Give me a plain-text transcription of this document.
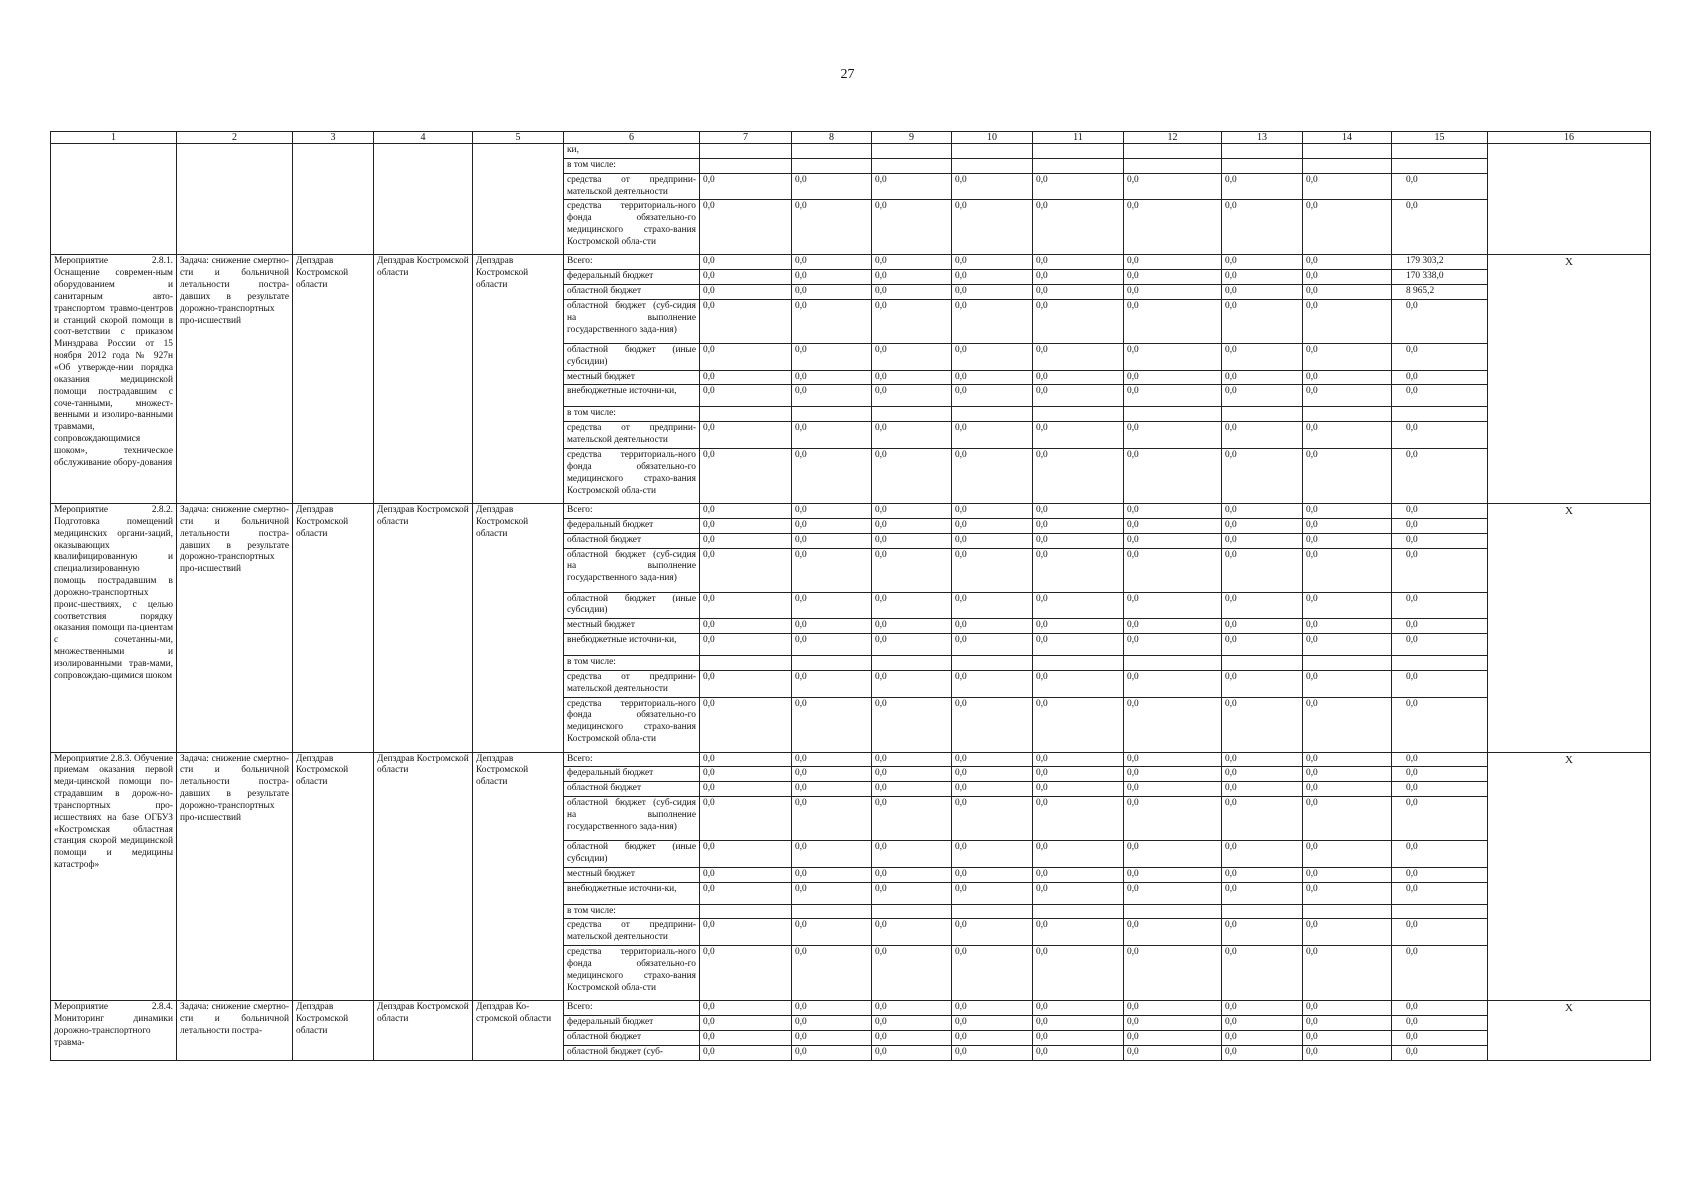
27
1	2	3	4	5	6	7	8	9	10	11	12	13	14	15	16
					ки,										
					в том числе:										
					средства от предприни-мательской деятельности	0,0	0,0	0,0	0,0	0,0	0,0	0,0	0,0	0,0	
					средства территориаль-ного фонда обязательно-го медицинского страхо-вания Костромской обла-сти	0,0	0,0	0,0	0,0	0,0	0,0	0,0	0,0	0,0	
Мероприятие 2.8.1. Оснащение современ-ным оборудованием и санитарным авто-транспортом травмо-центров и станций скорой помощи в соот-ветствии с приказом Минздрава России от 15 ноября 2012 года № 927н «Об утвержде-нии порядка оказания медицинской помощи пострадавшим с соче-танными, множест-венными и изолиро-ванными травмами, сопровождающимися шоком», техническое обслуживание обору-дования	Задача: снижение смертно-сти и больничной летальности постра-давших в результате дорожно-транспортных про-исшествий	Депздрав Костромской области	Депздрав Костромской области	Депздрав Костромской области	Всего:	0,0	0,0	0,0	0,0	0,0	0,0	0,0	0,0	179 303,2	X
					федеральный бюджет	0,0	0,0	0,0	0,0	0,0	0,0	0,0	0,0	170 338,0	
					областной бюджет	0,0	0,0	0,0	0,0	0,0	0,0	0,0	0,0	8 965,2	
					областной бюджет (суб-сидия на выполнение государственного зада-ния)	0,0	0,0	0,0	0,0	0,0	0,0	0,0	0,0	0,0	
					областной бюджет (иные субсидии)	0,0	0,0	0,0	0,0	0,0	0,0	0,0	0,0	0,0	
					местный бюджет	0,0	0,0	0,0	0,0	0,0	0,0	0,0	0,0	0,0	
					внебюджетные источни-ки,	0,0	0,0	0,0	0,0	0,0	0,0	0,0	0,0	0,0	
					в том числе:										
					средства от предприни-мательской деятельности	0,0	0,0	0,0	0,0	0,0	0,0	0,0	0,0	0,0	
					средства территориаль-ного фонда обязательно-го медицинского страхо-вания Костромской обла-сти	0,0	0,0	0,0	0,0	0,0	0,0	0,0	0,0	0,0	
Мероприятие 2.8.2. Подготовка помещений медицинских органи-заций, оказывающих квалифицированную и специализированную помощь пострадавшим в дорожно-транспортных проис-шествиях, с целью соответствия порядку оказания помощи па-циентам с сочетанны-ми, множественными и изолированными трав-мами, сопровождаю-щимися шоком	Задача: снижение смертно-сти и больничной летальности постра-давших в результате дорожно-транспортных про-исшествий	Депздрав Костромской области	Депздрав Костромской области	Депздрав Костромской области	Всего:	0,0	0,0	0,0	0,0	0,0	0,0	0,0	0,0	0,0	X
					федеральный бюджет	0,0	0,0	0,0	0,0	0,0	0,0	0,0	0,0	0,0	
					областной бюджет	0,0	0,0	0,0	0,0	0,0	0,0	0,0	0,0	0,0	
					областной бюджет (суб-сидия на выполнение государственного зада-ния)	0,0	0,0	0,0	0,0	0,0	0,0	0,0	0,0	0,0	
					областной бюджет (иные субсидии)	0,0	0,0	0,0	0,0	0,0	0,0	0,0	0,0	0,0	
					местный бюджет	0,0	0,0	0,0	0,0	0,0	0,0	0,0	0,0	0,0	
					внебюджетные источни-ки,	0,0	0,0	0,0	0,0	0,0	0,0	0,0	0,0	0,0	
					в том числе:										
					средства от предприни-мательской деятельности	0,0	0,0	0,0	0,0	0,0	0,0	0,0	0,0	0,0	
					средства территориаль-ного фонда обязательно-го медицинского страхо-вания Костромской обла-сти	0,0	0,0	0,0	0,0	0,0	0,0	0,0	0,0	0,0	
Мероприятие 2.8.3. Обучение приемам оказания первой меди-цинской помощи по-страдавшим в дорож-но-транспортных про-исшествиях на базе ОГБУЗ «Костромская областная станция скорой медицинской помощи и медицины катастроф»	Задача: снижение смертно-сти и больничной летальности постра-давших в результате дорожно-транспортных про-исшествий	Депздрав Костромской области	Депздрав Костромской области	Депздрав Костромской области	Всего:	0,0	0,0	0,0	0,0	0,0	0,0	0,0	0,0	0,0	X
					федеральный бюджет	0,0	0,0	0,0	0,0	0,0	0,0	0,0	0,0	0,0	
					областной бюджет	0,0	0,0	0,0	0,0	0,0	0,0	0,0	0,0	0,0	
					областной бюджет (суб-сидия на выполнение государственного зада-ния)	0,0	0,0	0,0	0,0	0,0	0,0	0,0	0,0	0,0	
					областной бюджет (иные субсидии)	0,0	0,0	0,0	0,0	0,0	0,0	0,0	0,0	0,0	
					местный бюджет	0,0	0,0	0,0	0,0	0,0	0,0	0,0	0,0	0,0	
					внебюджетные источни-ки,	0,0	0,0	0,0	0,0	0,0	0,0	0,0	0,0	0,0	
					в том числе:										
					средства от предприни-мательской деятельности	0,0	0,0	0,0	0,0	0,0	0,0	0,0	0,0	0,0	
					средства территориаль-ного фонда обязательно-го медицинского страхо-вания Костромской обла-сти	0,0	0,0	0,0	0,0	0,0	0,0	0,0	0,0	0,0	
Мероприятие 2.8.4. Мониторинг динамики дорожно-транспортного травма-	Задача: снижение смертно-сти и больничной летальности постра-	Депздрав Костромской области	Депздрав Костромской области	Депздрав Ко-стромской области	Всего:	0,0	0,0	0,0	0,0	0,0	0,0	0,0	0,0	0,0	X
					федеральный бюджет	0,0	0,0	0,0	0,0	0,0	0,0	0,0	0,0	0,0	
					областной бюджет	0,0	0,0	0,0	0,0	0,0	0,0	0,0	0,0	0,0	
					областной бюджет (суб-	0,0	0,0	0,0	0,0	0,0	0,0	0,0	0,0	0,0	
